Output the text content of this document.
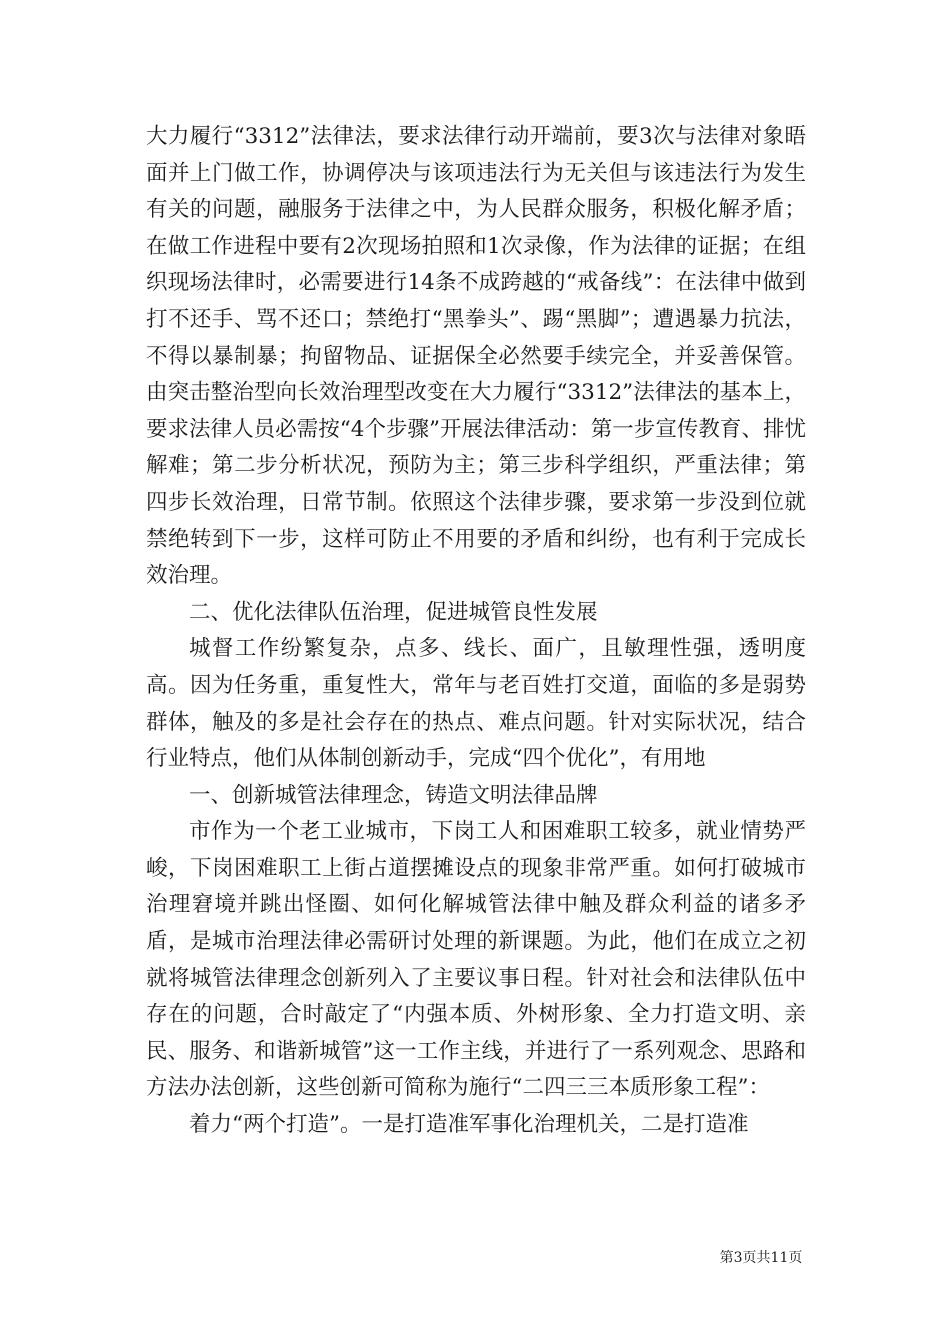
大力履行“3312”法律法，要求法律行动开端前，要3次与法律对象晤面并上门做工作，协调停决与该项违法行为无关但与该违法行为发生有关的问题，融服务于法律之中，为人民群众服务，积极化解矛盾；在做工作进程中要有2次现场拍照和1次录像，作为法律的证据；在组织现场法律时，必需要进行14条不成跨越的“戒备线”：在法律中做到打不还手、骂不还口；禁绝打“黑拳头”、踢“黑脚”；遭遇暴力抗法，不得以暴制暴；拘留物品、证据保全必然要手续完全，并妥善保管。由突击整治型向长效治理型改变在大力履行“3312”法律法的基本上，要求法律人员必需按“4个步骤”开展法律活动：第一步宣传教育、排忧解难；第二步分析状况，预防为主；第三步科学组织，严重法律；第四步长效治理，日常节制。依照这个法律步骤，要求第一步没到位就禁绝转到下一步，这样可防止不用要的矛盾和纠纷，也有利于完成长效治理。

二、优化法律队伍治理，促进城管良性发展

城督工作纷繁复杂，点多、线长、面广，且敏理性强，透明度高。因为任务重，重复性大，常年与老百姓打交道，面临的多是弱势群体，触及的多是社会存在的热点、难点问题。针对实际状况，结合行业特点，他们从体制创新动手，完成“四个优化”，有用地

一、创新城管法律理念，铸造文明法律品牌

市作为一个老工业城市，下岗工人和困难职工较多，就业情势严峻，下岗困难职工上街占道摆摊设点的现象非常严重。如何打破城市治理窘境并跳出怪圈、如何化解城管法律中触及群众利益的诸多矛盾，是城市治理法律必需研讨处理的新课题。为此，他们在成立之初就将城管法律理念创新列入了主要议事日程。针对社会和法律队伍中存在的问题，合时敲定了“内强本质、外树形象、全力打造文明、亲民、服务、和谐新城管”这一工作主线，并进行了一系列观念、思路和方法办法创新，这些创新可简称为施行“二四三三本质形象工程”：

着力“两个打造”。一是打造准军事化治理机关，二是打造准

第3页共11页
